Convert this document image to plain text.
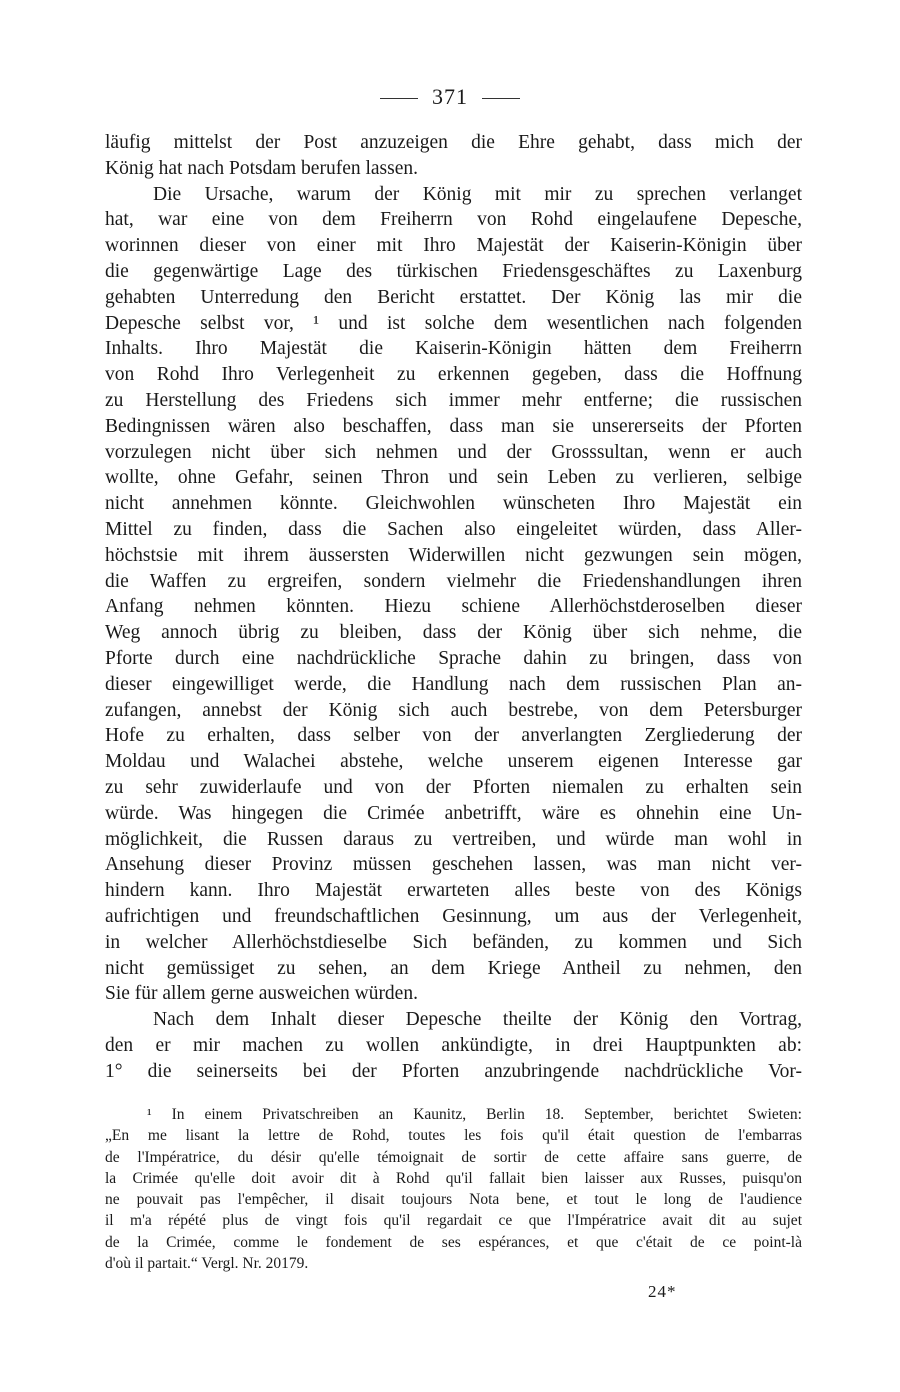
371
läufig mittelst der Post anzuzeigen die Ehre gehabt, dass mich der
König hat nach Potsdam berufen lassen.
Die Ursache, warum der König mit mir zu sprechen verlanget
hat, war eine von dem Freiherrn von Rohd eingelaufene Depesche,
worinnen dieser von einer mit Ihro Majestät der Kaiserin-Königin über
die gegenwärtige Lage des türkischen Friedensgeschäftes zu Laxenburg
gehabten Unterredung den Bericht erstattet. Der König las mir die
Depesche selbst vor, ¹ und ist solche dem wesentlichen nach folgenden
Inhalts. Ihro Majestät die Kaiserin-Königin hätten dem Freiherrn
von Rohd Ihro Verlegenheit zu erkennen gegeben, dass die Hoffnung
zu Herstellung des Friedens sich immer mehr entferne; die russischen
Bedingnissen wären also beschaffen, dass man sie unsererseits der Pforten
vorzulegen nicht über sich nehmen und der Grosssultan, wenn er auch
wollte, ohne Gefahr, seinen Thron und sein Leben zu verlieren, selbige
nicht annehmen könnte. Gleichwohlen wünscheten Ihro Majestät ein
Mittel zu finden, dass die Sachen also eingeleitet würden, dass Aller-
höchstsie mit ihrem äussersten Widerwillen nicht gezwungen sein mögen,
die Waffen zu ergreifen, sondern vielmehr die Friedenshandlungen ihren
Anfang nehmen könnten. Hiezu schiene Allerhöchstderoselben dieser
Weg annoch übrig zu bleiben, dass der König über sich nehme, die
Pforte durch eine nachdrückliche Sprache dahin zu bringen, dass von
dieser eingewilliget werde, die Handlung nach dem russischen Plan an-
zufangen, annebst der König sich auch bestrebe, von dem Petersburger
Hofe zu erhalten, dass selber von der anverlangten Zergliederung der
Moldau und Walachei abstehe, welche unserem eigenen Interesse gar
zu sehr zuwiderlaufe und von der Pforten niemalen zu erhalten sein
würde. Was hingegen die Crimée anbetrifft, wäre es ohnehin eine Un-
möglichkeit, die Russen daraus zu vertreiben, und würde man wohl in
Ansehung dieser Provinz müssen geschehen lassen, was man nicht ver-
hindern kann. Ihro Majestät erwarteten alles beste von des Königs
aufrichtigen und freundschaftlichen Gesinnung, um aus der Verlegenheit,
in welcher Allerhöchstdieselbe Sich befänden, zu kommen und Sich
nicht gemüssiget zu sehen, an dem Kriege Antheil zu nehmen, den
Sie für allem gerne ausweichen würden.
Nach dem Inhalt dieser Depesche theilte der König den Vortrag,
den er mir machen zu wollen ankündigte, in drei Hauptpunkten ab:
1° die seinerseits bei der Pforten anzubringende nachdrückliche Vor-
¹ In einem Privatschreiben an Kaunitz, Berlin 18. September, berichtet Swieten:
„En me lisant la lettre de Rohd, toutes les fois qu'il était question de l'embarras
de l'Impératrice, du désir qu'elle témoignait de sortir de cette affaire sans guerre, de
la Crimée qu'elle doit avoir dit à Rohd qu'il fallait bien laisser aux Russes, puisqu'on
ne pouvait pas l'empêcher, il disait toujours Nota bene, et tout le long de l'audience
il m'a répété plus de vingt fois qu'il regardait ce que l'Impératrice avait dit au sujet
de la Crimée, comme le fondement de ses espérances, et que c'était de ce point-là
d'où il partait.“ Vergl. Nr. 20179.
24*
